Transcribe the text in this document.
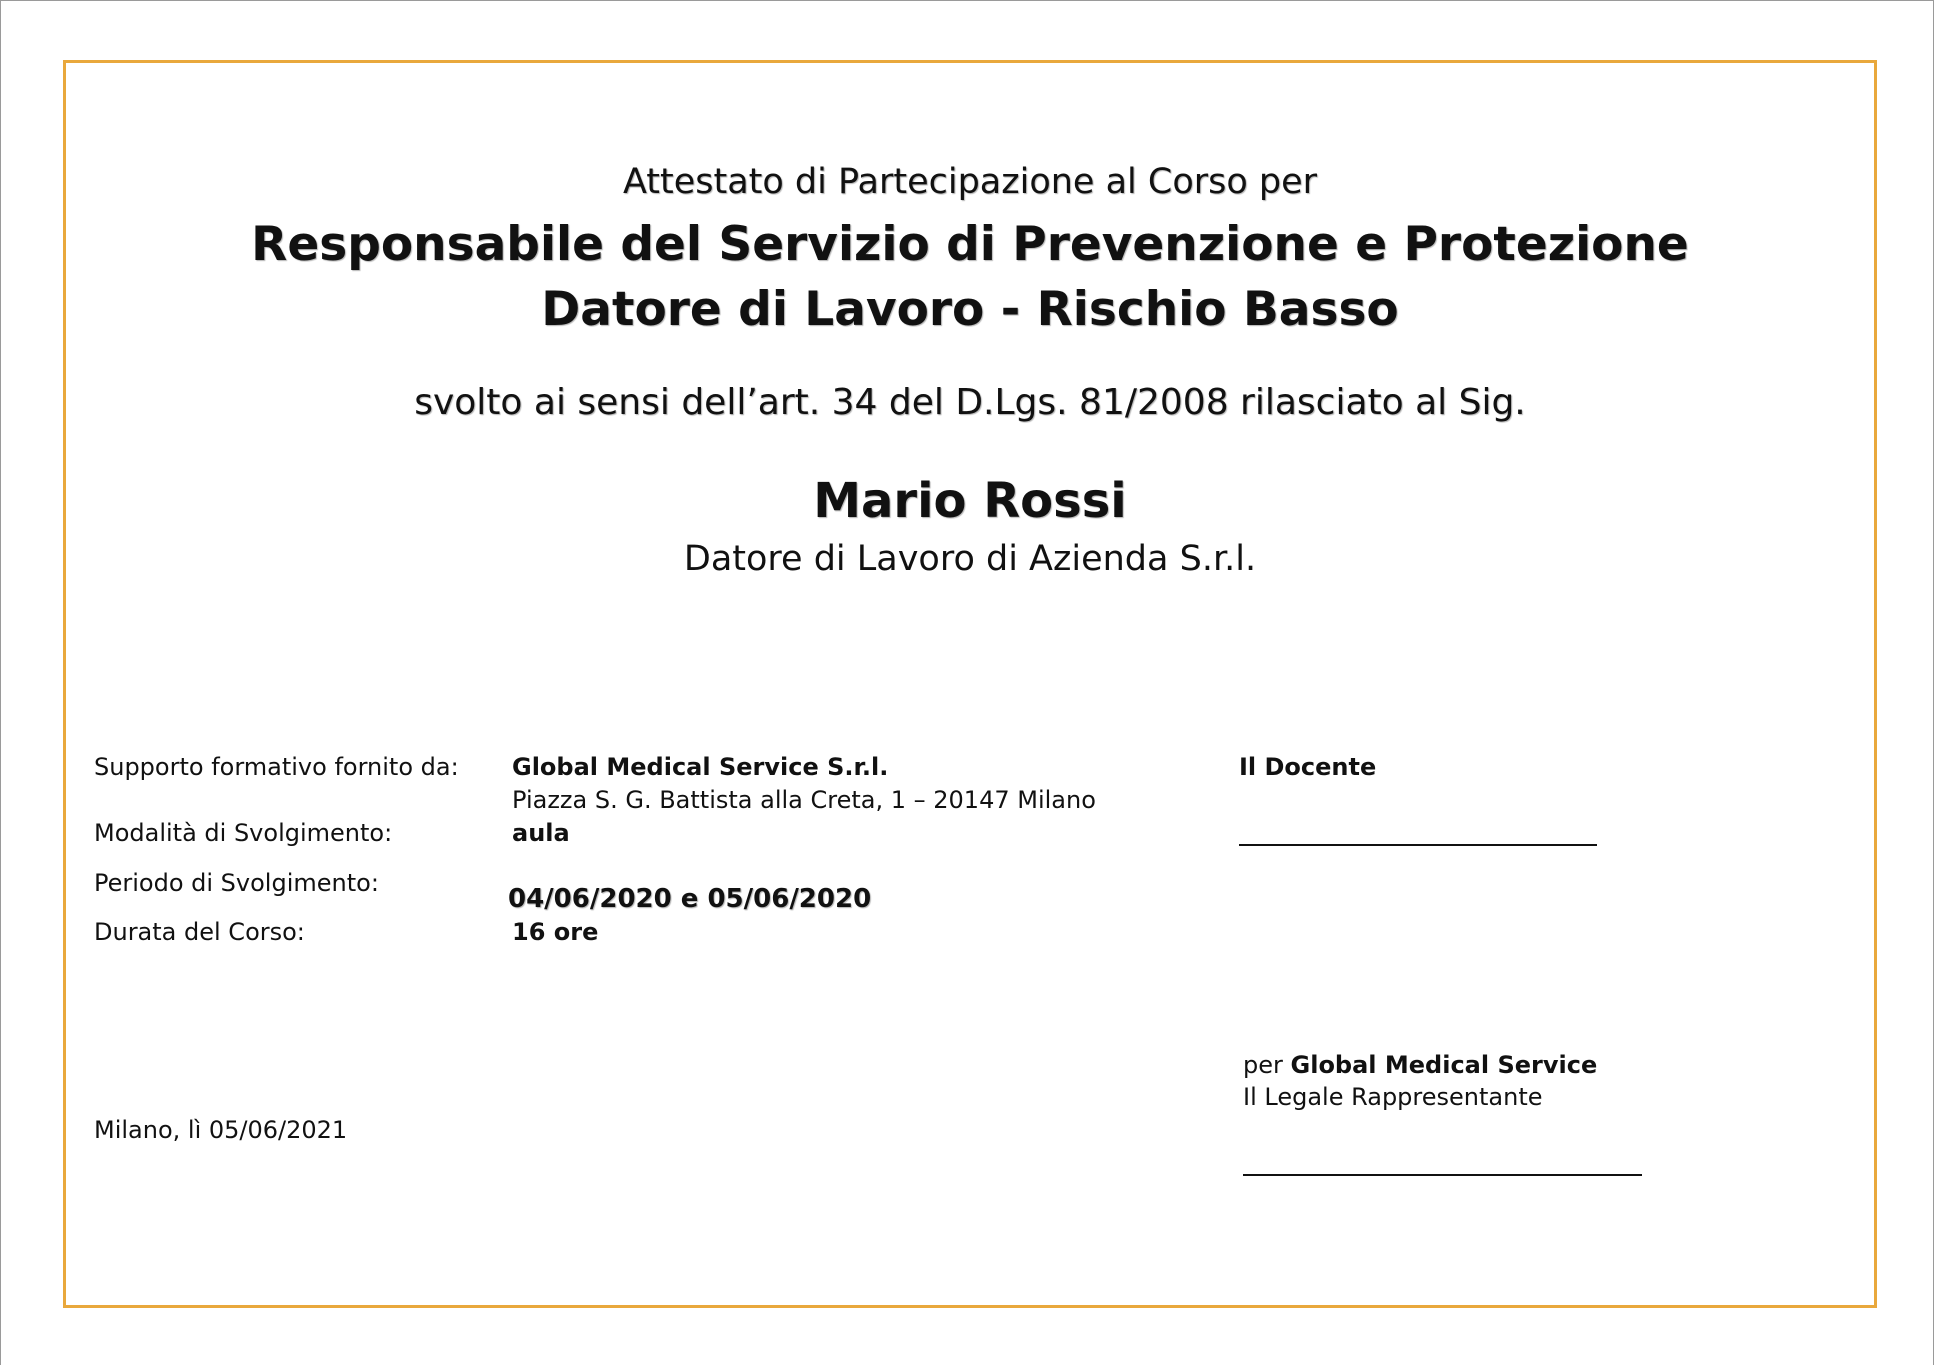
Attestato di Partecipazione al Corso per
Responsabile del Servizio di Prevenzione e Protezione
Datore di Lavoro - Rischio Basso
svolto ai sensi dell’art. 34 del D.Lgs. 81/2008 rilasciato al Sig.
Mario Rossi
Datore di Lavoro di Azienda S.r.l.
Supporto formativo fornito da: Global Medical Service S.r.l.
Piazza S. G. Battista alla Creta, 1 – 20147 Milano
Modalità di Svolgimento:	aula
Periodo di Svolgimento:
04/06/2020 e 05/06/2020
Durata del Corso:	16 ore
Il Docente
per Global Medical Service
Il Legale Rappresentante
Milano, lì 05/06/2021
